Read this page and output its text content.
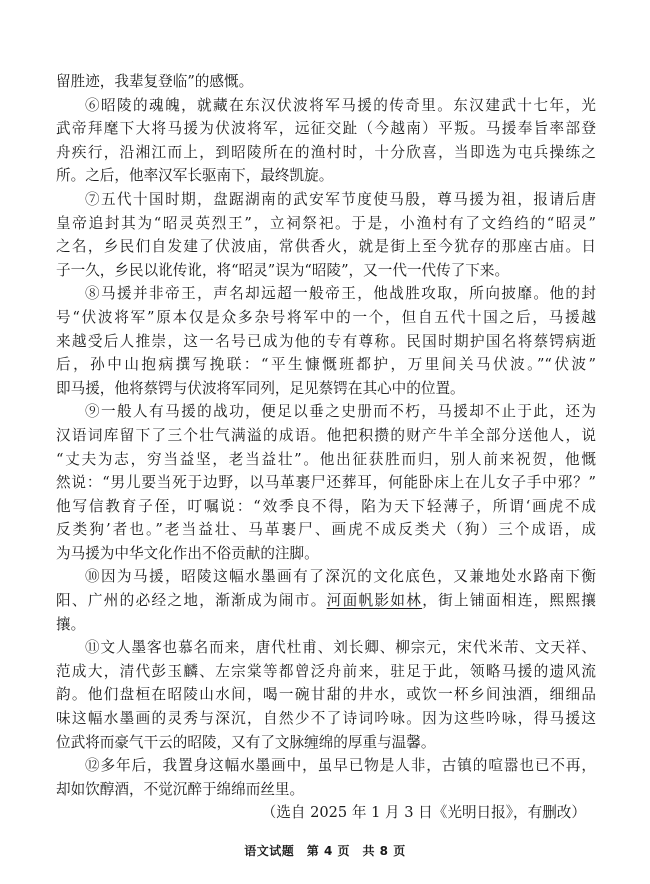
留胜迹，我辈复登临”的感慨。
⑥昭陵的魂魄，就藏在东汉伏波将军马援的传奇里。东汉建武十七年，光
武帝拜麾下大将马援为伏波将军，远征交趾（今越南）平叛。马援奉旨率部登
舟疾行，沿湘江而上，到昭陵所在的渔村时，十分欣喜，当即选为屯兵操练之
所。之后，他率汉军长驱南下，最终凯旋。
⑦五代十国时期，盘踞湖南的武安军节度使马殷，尊马援为祖，报请后唐
皇帝追封其为“昭灵英烈王”，立祠祭祀。于是，小渔村有了文绉绉的“昭灵”
之名，乡民们自发建了伏波庙，常供香火，就是街上至今犹存的那座古庙。日
子一久，乡民以讹传讹，将“昭灵”误为“昭陵”，又一代一代传了下来。
⑧马援并非帝王，声名却远超一般帝王，他战胜攻取，所向披靡。他的封
号“伏波将军”原本仅是众多杂号将军中的一个，但自五代十国之后，马援越
来越受后人推崇，这一名号已成为他的专有尊称。民国时期护国名将蔡锷病逝
后，孙中山抱病撰写挽联：“平生慷慨班都护，万里间关马伏波。”“伏波”
即马援，他将蔡锷与伏波将军同列，足见蔡锷在其心中的位置。
⑨一般人有马援的战功，便足以垂之史册而不朽，马援却不止于此，还为
汉语词库留下了三个壮气满溢的成语。他把积攒的财产牛羊全部分送他人，说
“丈夫为志，穷当益坚，老当益壮”。他出征获胜而归，别人前来祝贺，他慨
然说：“男儿要当死于边野，以马革裹尸还葬耳，何能卧床上在儿女子手中邪？”
他写信教育子侄，叮嘱说：“效季良不得，陷为天下轻薄子，所谓‘画虎不成
反类狗’者也。”老当益壮、马革裹尸、画虎不成反类犬（狗）三个成语，成
为马援为中华文化作出不俗贡献的注脚。
⑩因为马援，昭陵这幅水墨画有了深沉的文化底色，又兼地处水路南下衡
阳、广州的必经之地，渐渐成为闹市。河面帆影如林，街上铺面相连，熙熙攘
攘。
⑪文人墨客也慕名而来，唐代杜甫、刘长卿、柳宗元，宋代米芾、文天祥、
范成大，清代彭玉麟、左宗棠等都曾泛舟前来，驻足于此，领略马援的遗风流
韵。他们盘桓在昭陵山水间，喝一碗甘甜的井水，或饮一杯乡间浊酒，细细品
味这幅水墨画的灵秀与深沉，自然少不了诗词吟咏。因为这些吟咏，得马援这
位武将而豪气干云的昭陵，又有了文脉缠绵的厚重与温馨。
⑫多年后，我置身这幅水墨画中，虽早已物是人非，古镇的喧嚣也已不再，
却如饮醇酒，不觉沉醉于绵绵而丝里。
（选自 2025 年 1 月 3 日《光明日报》，有删改）
语文试题　第 4 页　共 8 页
